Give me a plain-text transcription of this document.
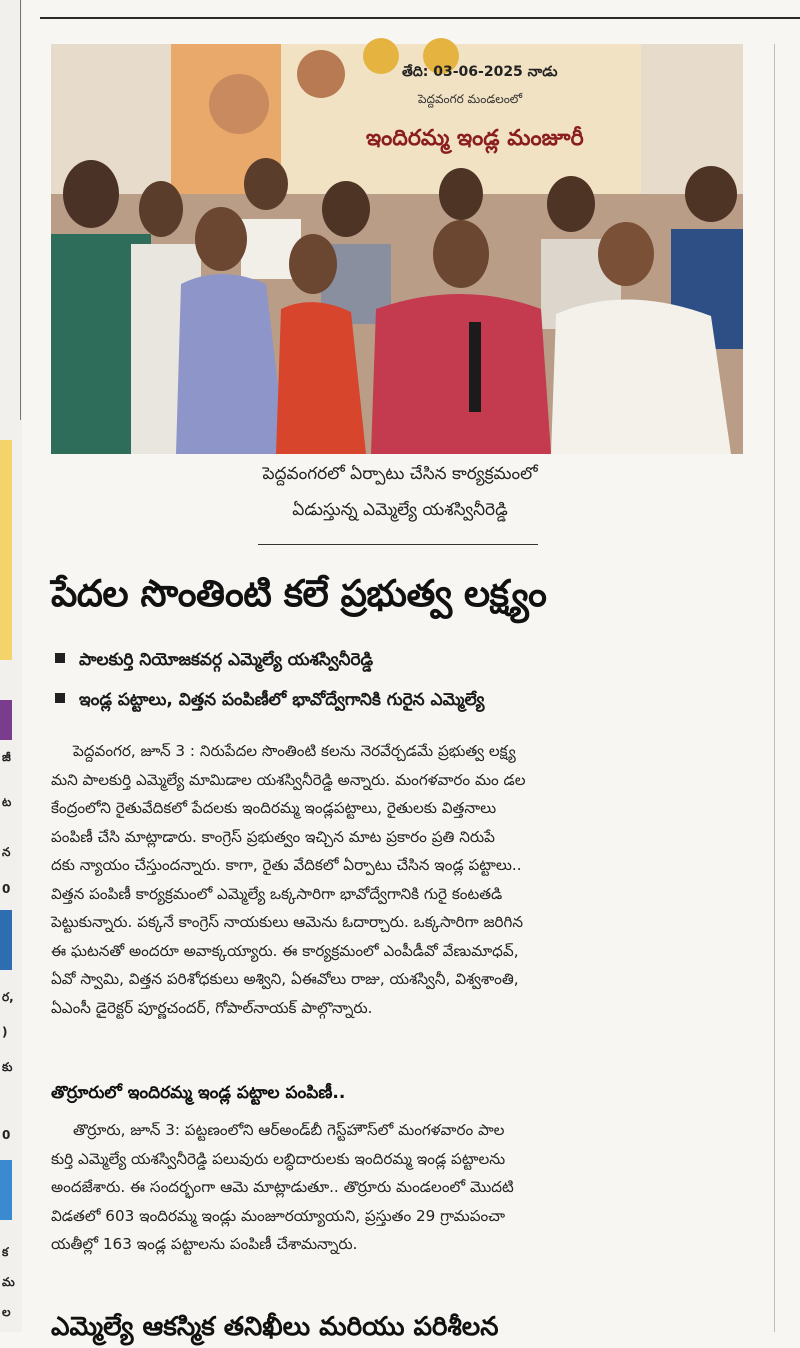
జీ
ట
న
0
ర,
)
కు
0
క
మ
ల
తేది: 03-06-2025 నాడు
పెద్దవంగర మండలంలో
ఇందిరమ్మ ఇండ్ల మంజూరీ
పెద్దవంగరలో ఏర్పాటు చేసిన కార్యక్రమంలో
ఏడుస్తున్న ఎమ్మెల్యే యశస్వినీరెడ్డి
పేదల సొంతింటి కలే ప్రభుత్వ లక్ష్యం
పాలకుర్తి నియోజకవర్గ ఎమ్మెల్యే యశస్వినీరెడ్డి
ఇండ్ల పట్టాలు, విత్తన పంపిణీలో భావోద్వేగానికి గురైన ఎమ్మెల్యే
పెద్దవంగర, జూన్ 3 : నిరుపేదల సొంతింటి కలను నెరవేర్చడమే ప్రభుత్వ లక్ష్య
మని పాలకుర్తి ఎమ్మెల్యే మామిడాల యశస్వినీరెడ్డి అన్నారు. మంగళవారం మం డల
కేంద్రంలోని రైతువేదికలో పేదలకు ఇందిరమ్మ ఇండ్లపట్టాలు, రైతులకు విత్తనాలు
పంపిణీ చేసి మాట్లాడారు. కాంగ్రెస్ ప్రభుత్వం ఇచ్చిన మాట ప్రకారం ప్రతి నిరుపే
దకు న్యాయం చేస్తుందన్నారు. కాగా, రైతు వేదికలో ఏర్పాటు చేసిన ఇండ్ల పట్టాలు..
విత్తన పంపిణీ కార్యక్రమంలో ఎమ్మెల్యే ఒక్కసారిగా భావోద్వేగానికి గురై కంటతడి
పెట్టుకున్నారు. పక్కనే కాంగ్రెస్ నాయకులు ఆమెను ఓదార్చారు. ఒక్కసారిగా జరిగిన
ఈ ఘటనతో అందరూ అవాక్కయ్యారు. ఈ కార్యక్రమంలో ఎంపీడీవో వేణుమాధవ్,
ఏవో స్వామి, విత్తన పరిశోధకులు అశ్విని, ఏఈవోలు రాజు, యశస్వినీ, విశ్వశాంతి,
ఏఎంసీ డైరెక్టర్ పూర్ణచందర్, గోపాల్‌నాయక్ పాల్గొన్నారు.
తొర్రూరులో ఇందిరమ్మ ఇండ్ల పట్టాల పంపిణీ..
తొర్రూరు, జూన్ 3: పట్టణంలోని ఆర్అండ్‌బీ గెస్ట్‌హౌస్‌లో మంగళవారం పాల
కుర్తి ఎమ్మెల్యే యశస్వినీరెడ్డి పలువురు లబ్ధిదారులకు ఇందిరమ్మ ఇండ్ల పట్టాలను
అందజేశారు. ఈ సందర్భంగా ఆమె మాట్లాడుతూ.. తొర్రూరు మండలంలో మొదటి
విడతలో 603 ఇందిరమ్మ ఇండ్లు మంజూరయ్యాయని, ప్రస్తుతం 29 గ్రామపంచా
యతీల్లో 163 ఇండ్ల పట్టాలను పంపిణీ చేశామన్నారు.
ఎమ్మెల్యే ఆకస్మిక తనిఖీలు మరియు పరిశీలన
